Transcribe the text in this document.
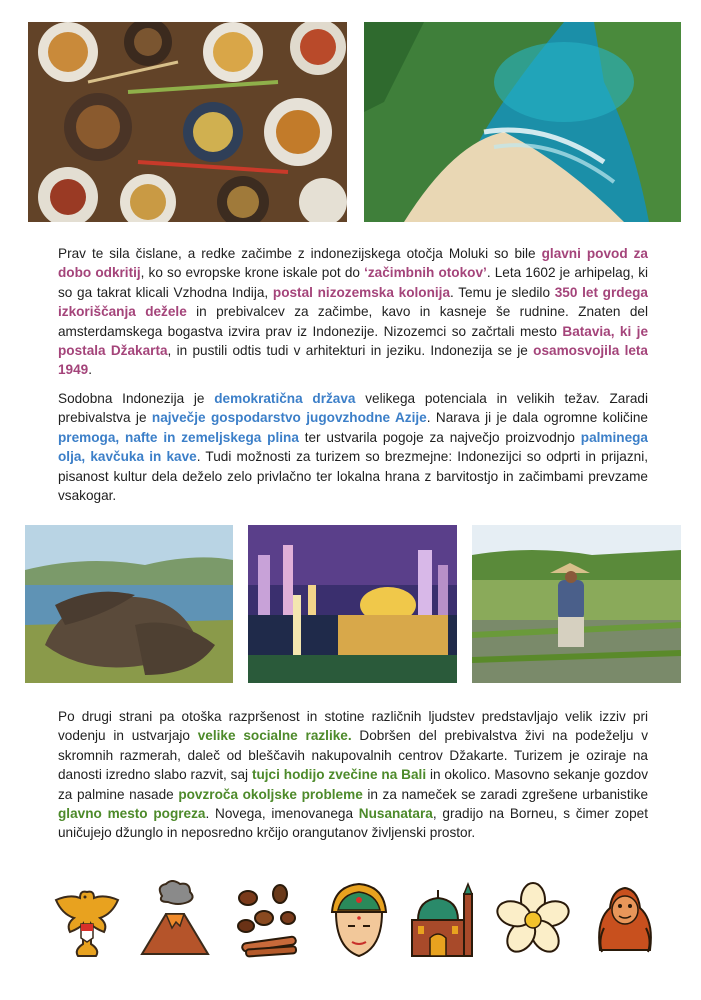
Prav te sila čislane, a redke začimbe z indonezijskega otočja Moluki so bile glavni povod za dobo odkritij, ko so evropske krone iskale pot do ‘začimbnih otokov’. Leta 1602 je arhipelag, ki so ga takrat klicali Vzhodna Indija, postal nizozemska kolonija. Temu je sledilo 350 let grdega izkoriščanja dežele in prebivalcev za začimbe, kavo in kasneje še rudnine. Znaten del amsterdamskega bogastva izvira prav iz Indonezije. Nizozemci so začrtali mesto Batavia, ki je postala Džakarta, in pustili odtis tudi v arhitekturi in jeziku. Indonezija se je osamosvojila leta 1949.

Sodobna Indonezija je demokratična država velikega potenciala in velikih težav. Zaradi prebivalstva je največje gospodarstvo jugovzhodne Azije. Narava ji je dala ogromne količine premoga, nafte in zemeljskega plina ter ustvarila pogoje za največjo proizvodnjo palminega olja, kavčuka in kave. Tudi možnosti za turizem so brezmejne: Indonezijci so odprti in prijazni, pisanost kultur dela deželo zelo privlačno ter lokalna hrana z barvitostjo in začimbami prevzame vsakogar.

Po drugi strani pa otoška razpršenost in stotine različnih ljudstev predstavljajo velik izziv pri vodenju in ustvarjajo velike socialne razlike. Dobršen del prebivalstva živi na podeželju v skromnih razmerah, daleč od bleščavih nakupovalnih centrov Džakarte. Turizem je oziraje na danosti izredno slabo razvit, saj tujci hodijo zvečine na Bali in okolico. Masovno sekanje gozdov za palmine nasade povzroča okoljske probleme in za nameček se zaradi zgrešene urbanistike glavno mesto pogreza. Novega, imenovanega Nusanatara, gradijo na Borneu, s čimer zopet uničujejo džunglo in neposredno krčijo orangutanov življenski prostor.
